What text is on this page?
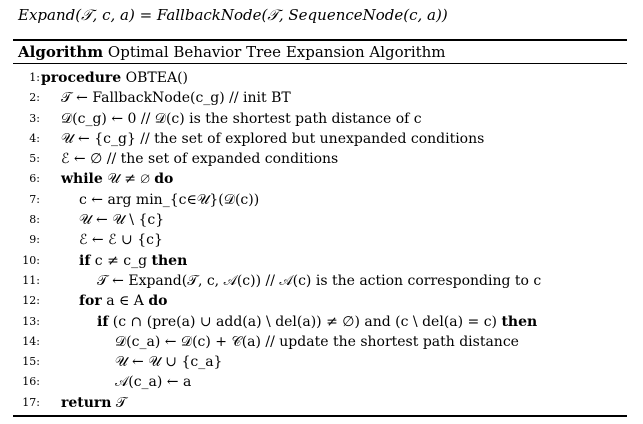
Expand(𝒯, c, a) = FallbackNode(𝒯, SequenceNode(c, a))
Algorithm Optimal Behavior Tree Expansion Algorithm
1: procedure OBTEA()
2:	𝒯 ← FallbackNode(c_g) // init BT
3:	𝒟(c_g) ← 0 // 𝒟(c) is the shortest path distance of c
4:	𝒰 ← {c_g} // the set of explored but unexpanded conditions
5:	ℰ ← ∅ // the set of expanded conditions
6:	while 𝒰 ≠ ∅ do
7:	c ← arg min_{c∈𝒰}(𝒟(c))
8:	𝒰 ← 𝒰 \ {c}
9:	ℰ ← ℰ ∪ {c}
10:	if c ≠ c_g then
11:	𝒯 ← Expand(𝒯, c, 𝒜(c)) // 𝒜(c) is the action corresponding to c
12:	for a ∈ A do
13:	if (c ∩ (pre(a) ∪ add(a) \ del(a)) ≠ ∅) and (c \ del(a) = c) then
14:	𝒟(c_a) ← 𝒟(c) + 𝒞(a) // update the shortest path distance
15:	𝒰 ← 𝒰 ∪ {c_a}
16:	𝒜(c_a) ← a
17:	return 𝒯
